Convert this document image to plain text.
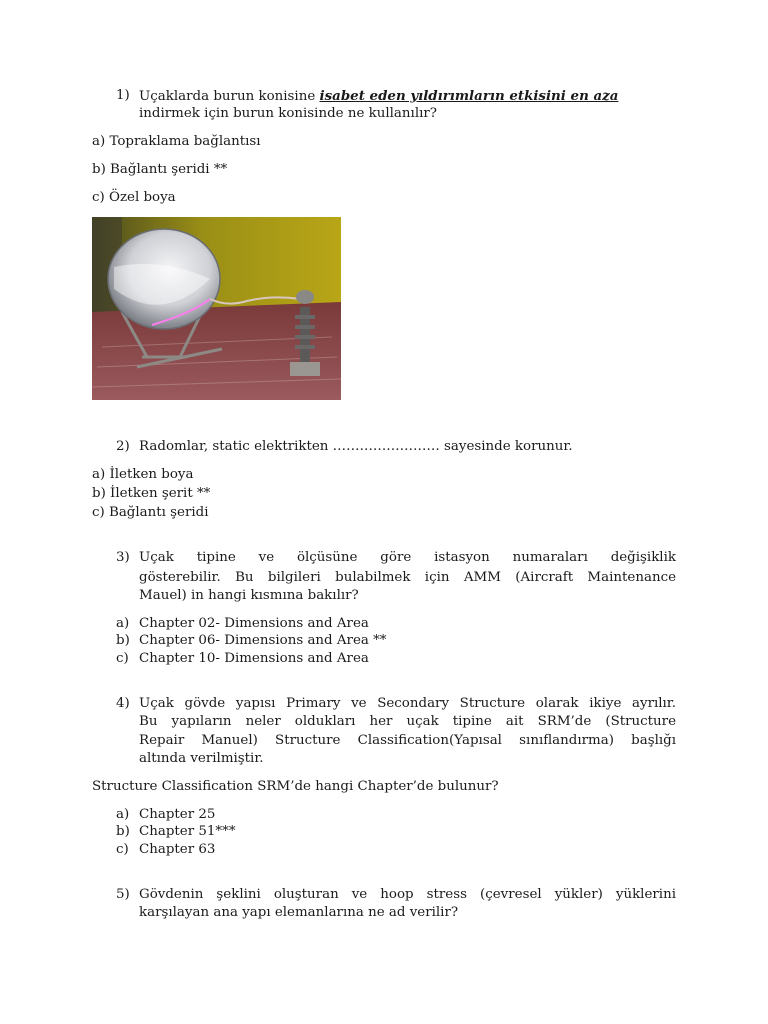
1) Uçaklarda burun konisine isabet eden yıldırımların etkisini en aza
indirmek için burun konisinde ne kullanılır?
a) Topraklama bağlantısı
b) Bağlantı şeridi **
c) Özel boya
2) Radomlar, static elektrikten …………………… sayesinde korunur.
a) İletken boya
b) İletken şerit **
c) Bağlantı şeridi
3) Uçak tipine ve ölçüsüne göre istasyon numaraları değişiklik
gösterebilir. Bu bilgileri bulabilmek için AMM (Aircraft Maintenance
Mauel) in hangi kısmına bakılır?
a) Chapter 02- Dimensions and Area
b) Chapter 06- Dimensions and Area **
c) Chapter 10- Dimensions and Area
4) Uçak gövde yapısı Primary ve Secondary Structure olarak ikiye ayrılır.
Bu yapıların neler oldukları her uçak tipine ait SRM’de (Structure
Repair Manuel) Structure Classification(Yapısal sınıflandırma) başlığı
altında verilmiştir.
Structure Classification SRM’de hangi Chapter’de bulunur?
a) Chapter 25
b) Chapter 51***
c) Chapter 63
5) Gövdenin şeklini oluşturan ve hoop stress (çevresel yükler) yüklerini
karşılayan ana yapı elemanlarına ne ad verilir?
